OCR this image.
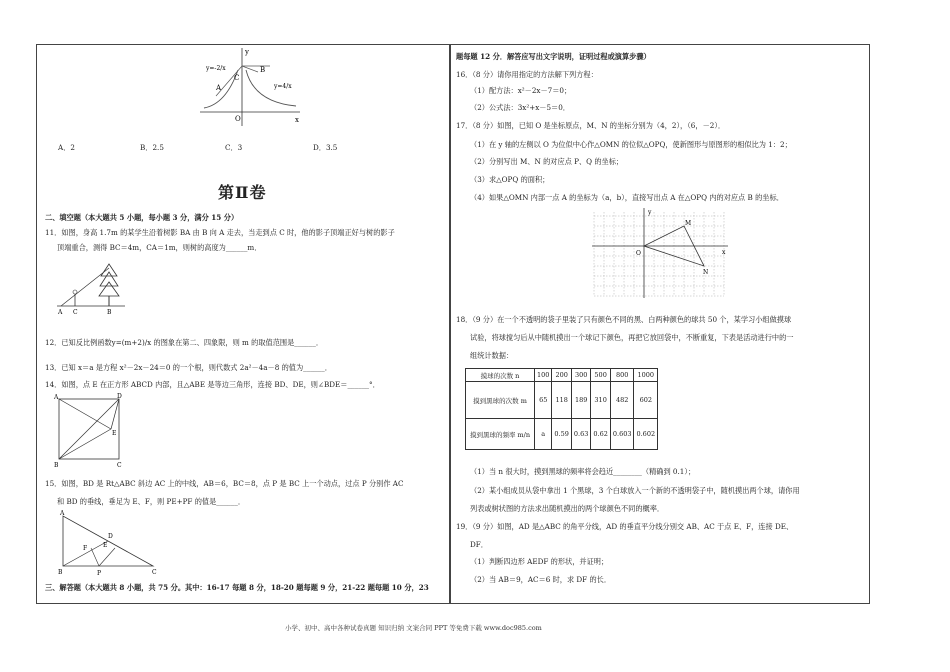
y
x
O
A
B
C
y=-2/x
y=4/x
A．2	B．2.5	C．3	D．3.5
第Ⅱ卷
二、填空题（本大题共 5 小题，每小题 3 分，满分 15 分）
11．如图，身高 1.7m 的某学生沿着树影 BA 由 B 向 A 走去，当走到点 C 时，他的影子顶端正好与树的影子
顶端重合，测得 BC＝4m，CA＝1m，则树的高度为______m．
A C	B
12．已知反比例函数y=(m+2)/x 的图象在第二、四象限，则 m 的取值范围是______．
13．已知 x＝a 是方程 x²－2x－24＝0 的一个根，则代数式 2a²－4a－8 的值为______．
14．如图，点 E 在正方形 ABCD 内部，且△ABE 是等边三角形，连接 BD、DE，则∠BDE＝______°．
A	D
B	C
E
15．如图，BD 是 Rt△ABC 斜边 AC 上的中线，AB＝6，BC＝8，点 P 是 BC 上一个动点，过点 P 分别作 AC
和 BD 的垂线，垂足为 E、F，则 PE+PF 的值是______．
A
B	C
D
E
F
P
三、解答题（本大题共 8 小题，共 75 分。其中：16-17 每题 8 分，18-20 题每题 9 分，21-22 题每题 10 分，23
题每题 12 分．解答应写出文字说明，证明过程或演算步骤）
16．（8 分）请你用指定的方法解下列方程：
（1）配方法：x²－2x－7＝0；
（2）公式法：3x²+x－5＝0．
17．（8 分）如图，已知 O 是坐标原点，M、N 的坐标分别为（4，2），（6，－2）．
（1）在 y 轴的左侧以 O 为位似中心作△OMN 的位似△OPQ，使新图形与原图形的相似比为 1：2；
（2）分别写出 M、N 的对应点 P、Q 的坐标；
（3）求△OPQ 的面积；
（4）如果△OMN 内部一点 A 的坐标为（a，b），直接写出点 A 在△OPQ 内的对应点 B 的坐标．
y
x
O
M
N
18．（9 分）在一个不透明的袋子里装了只有颜色不同的黑、白两种颜色的球共 50 个，某学习小组做摸球
试验，将球搅匀后从中随机摸出一个球记下颜色，再把它放回袋中，不断重复，下表是活动进行中的一
组统计数据：
摸球的次数 n	100	200	300	500	800	1000
摸到黑球的次数 m	65	118	189	310	482	602
摸到黑球的频率 m/n	a	0.59	0.63	0.62	0.603	0.602
（1）当 n 很大时，摸到黑球的频率将会趋近________（精确到 0.1）；
（2）某小组成员从袋中拿出 1 个黑球，3 个白球放入一个新的不透明袋子中，随机摸出两个球，请你用
列表或树状图的方法求出随机摸出的两个球颜色不同的概率．
19．（9 分）如图，AD 是△ABC 的角平分线，AD 的垂直平分线分别交 AB、AC 于点 E、F，连接 DE、
DF．
（1）判断四边形 AEDF 的形状，并证明；
（2）当 AB＝9，AC＝6 时，求 DF 的长．
小学、初中、高中各种试卷真题 知识归纳 文案合同 PPT 等免费下载 www.doc985.com
